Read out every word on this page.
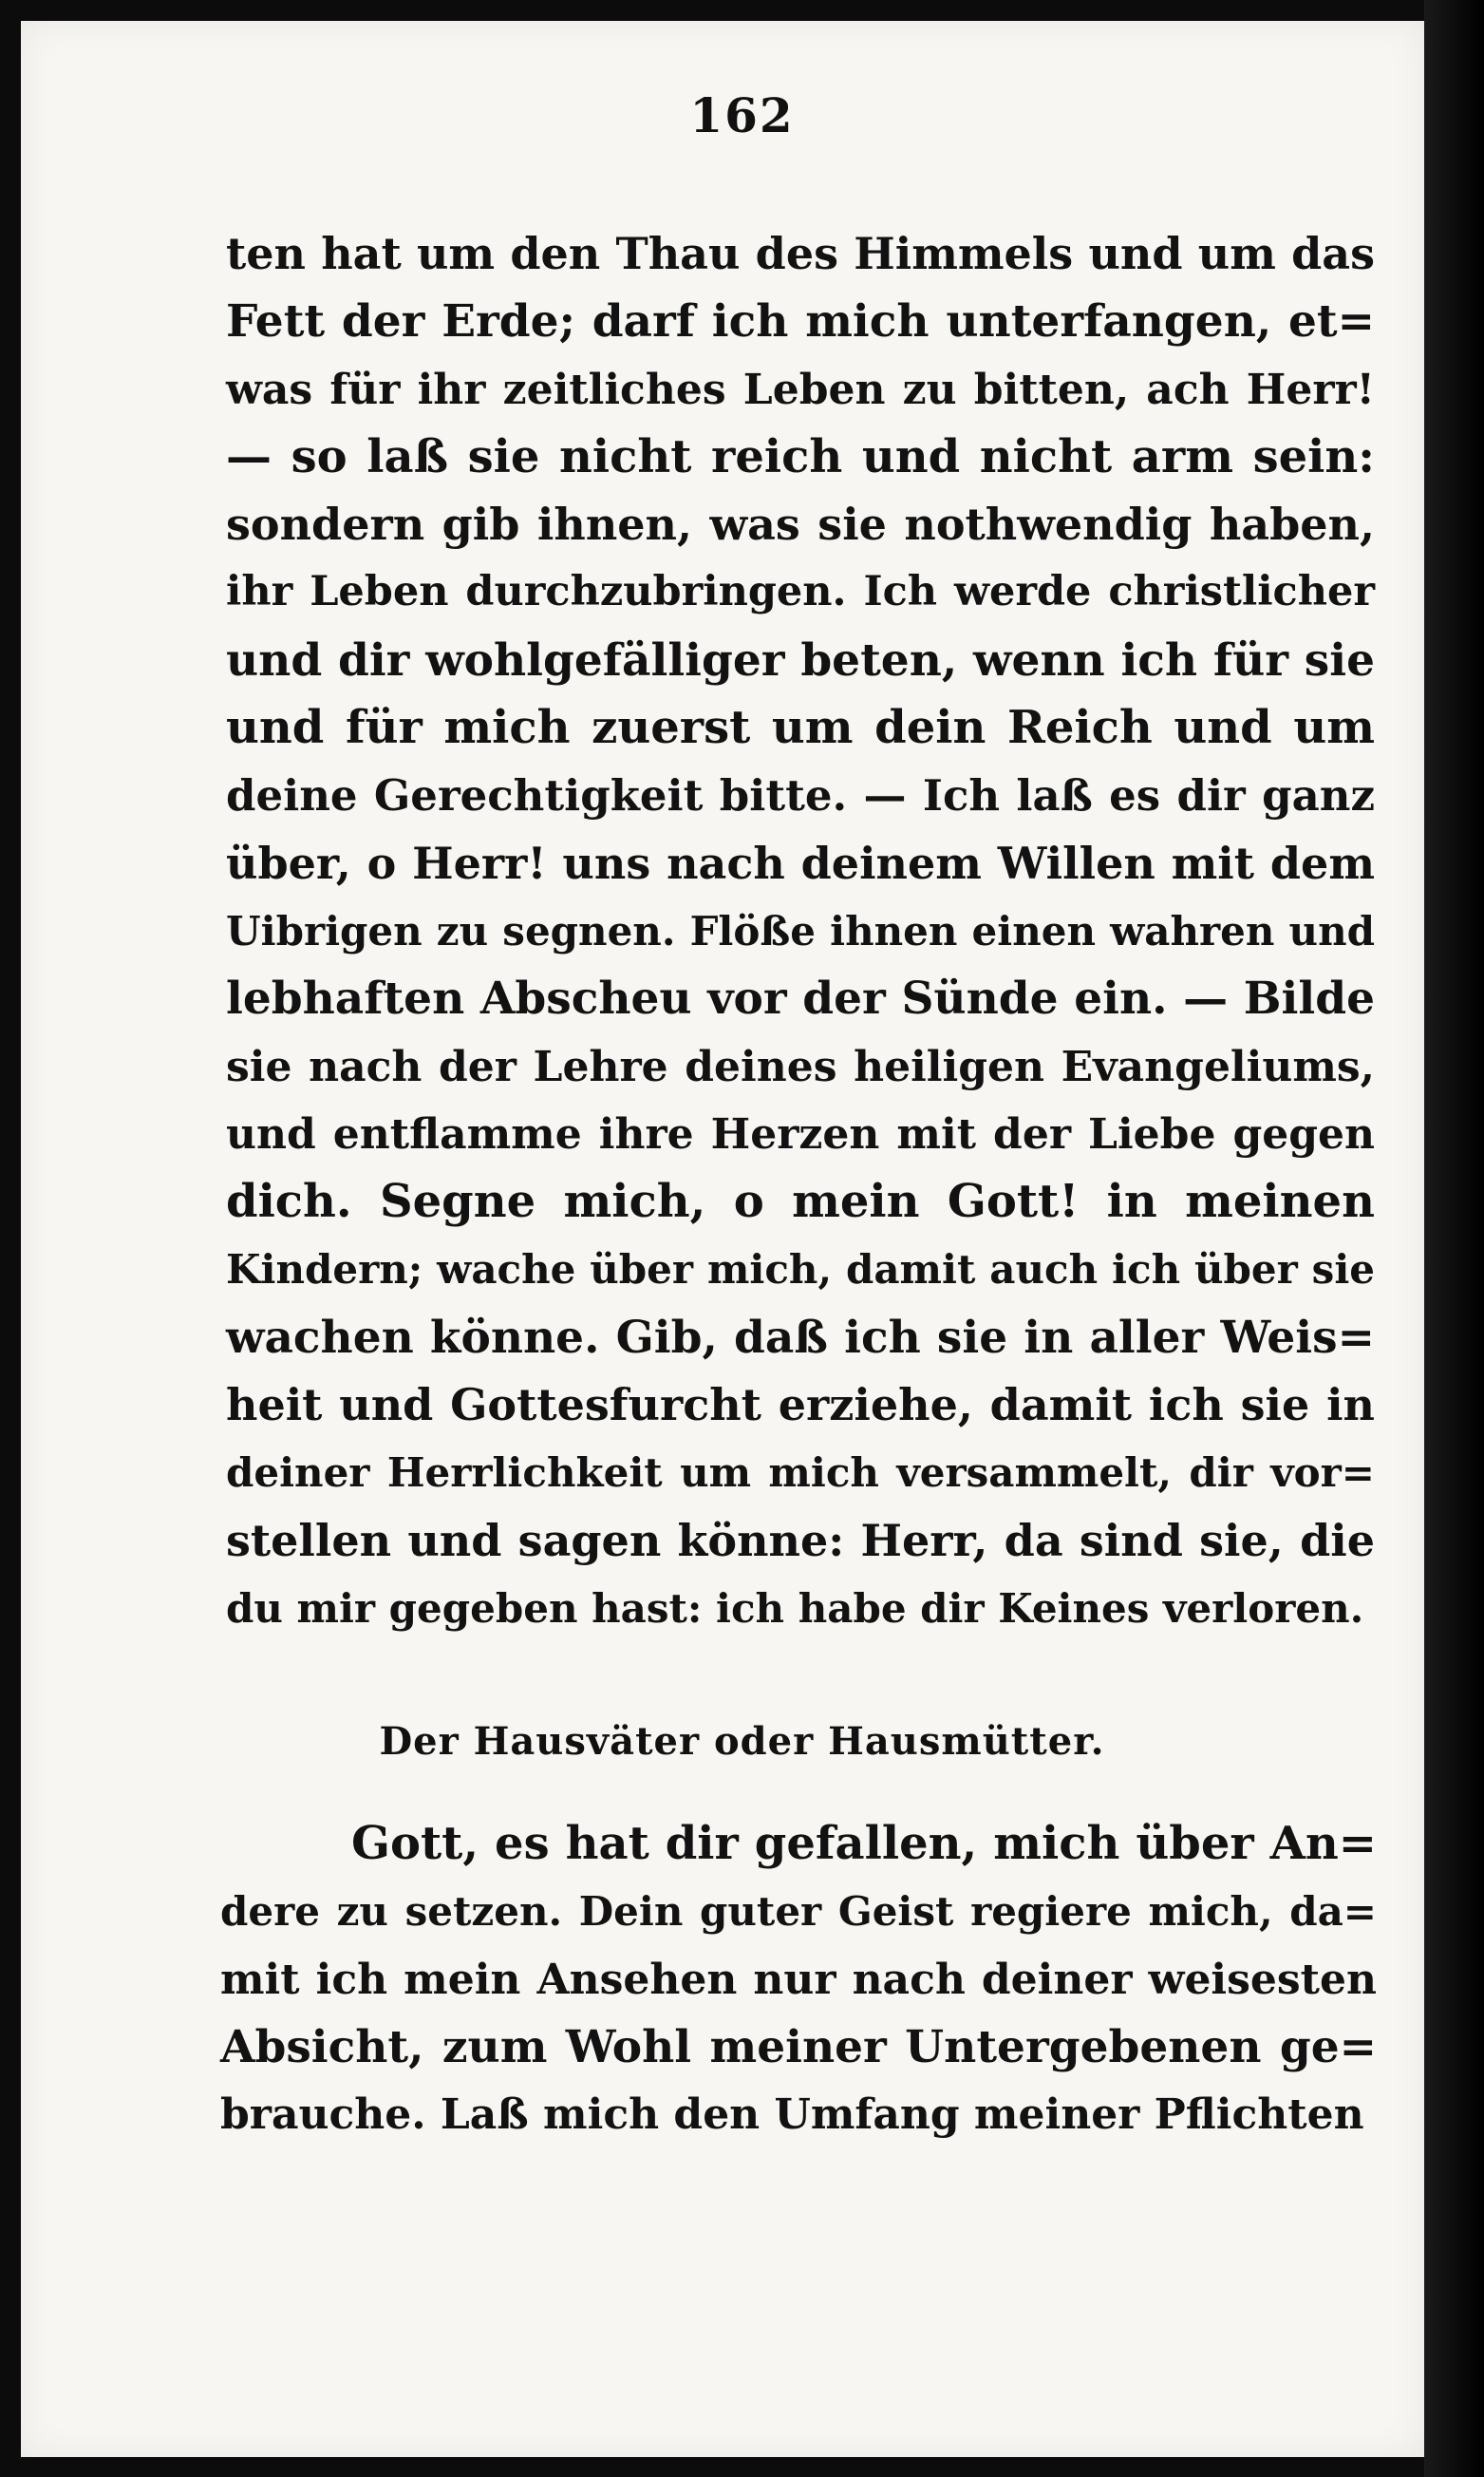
162
ten hat um den Thau des Himmels und um das
Fett der Erde; darf ich mich unterfangen, et=
was für ihr zeitliches Leben zu bitten, ach Herr!
— so laß sie nicht reich und nicht arm sein:
sondern gib ihnen, was sie nothwendig haben,
ihr Leben durchzubringen. Ich werde christlicher
und dir wohlgefälliger beten, wenn ich für sie
und für mich zuerst um dein Reich und um
deine Gerechtigkeit bitte. — Ich laß es dir ganz
über, o Herr! uns nach deinem Willen mit dem
Uibrigen zu segnen. Flöße ihnen einen wahren und
lebhaften Abscheu vor der Sünde ein. — Bilde
sie nach der Lehre deines heiligen Evangeliums,
und entflamme ihre Herzen mit der Liebe gegen
dich. Segne mich, o mein Gott! in meinen
Kindern; wache über mich, damit auch ich über sie
wachen könne. Gib, daß ich sie in aller Weis=
heit und Gottesfurcht erziehe, damit ich sie in
deiner Herrlichkeit um mich versammelt, dir vor=
stellen und sagen könne: Herr, da sind sie, die
du mir gegeben hast: ich habe dir Keines verloren.
Der Hausväter oder Hausmütter.
Gott, es hat dir gefallen, mich über An=
dere zu setzen. Dein guter Geist regiere mich, da=
mit ich mein Ansehen nur nach deiner weisesten
Absicht, zum Wohl meiner Untergebenen ge=
brauche. Laß mich den Umfang meiner Pflichten
